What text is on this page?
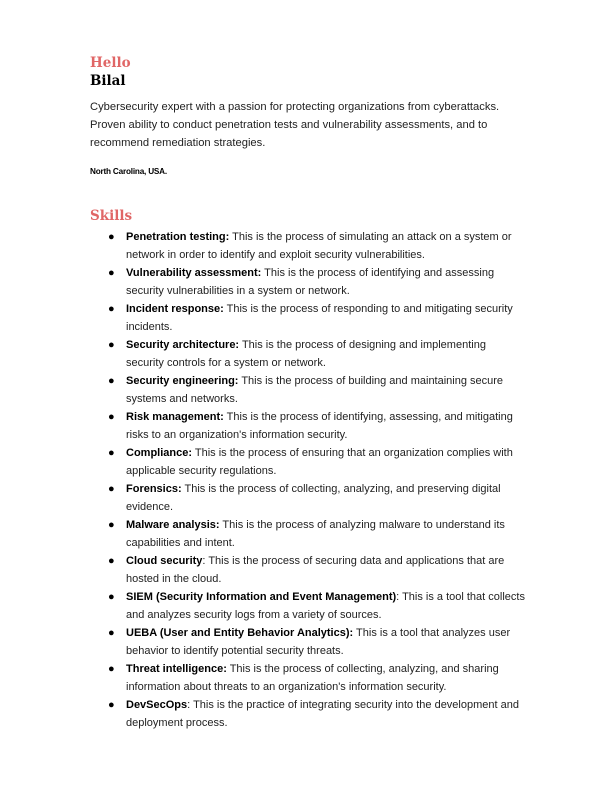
Hello
Bilal

Cybersecurity expert with a passion for protecting organizations from cyberattacks. Proven ability to conduct penetration tests and vulnerability assessments, and to recommend remediation strategies.

North Carolina, USA.

Skills
● Penetration testing: This is the process of simulating an attack on a system or network in order to identify and exploit security vulnerabilities.
● Vulnerability assessment: This is the process of identifying and assessing security vulnerabilities in a system or network.
● Incident response: This is the process of responding to and mitigating security incidents.
● Security architecture: This is the process of designing and implementing security controls for a system or network.
● Security engineering: This is the process of building and maintaining secure systems and networks.
● Risk management: This is the process of identifying, assessing, and mitigating risks to an organization's information security.
● Compliance: This is the process of ensuring that an organization complies with applicable security regulations.
● Forensics: This is the process of collecting, analyzing, and preserving digital evidence.
● Malware analysis: This is the process of analyzing malware to understand its capabilities and intent.
● Cloud security: This is the process of securing data and applications that are hosted in the cloud.
● SIEM (Security Information and Event Management): This is a tool that collects and analyzes security logs from a variety of sources.
● UEBA (User and Entity Behavior Analytics): This is a tool that analyzes user behavior to identify potential security threats.
● Threat intelligence: This is the process of collecting, analyzing, and sharing information about threats to an organization's information security.
● DevSecOps: This is the practice of integrating security into the development and deployment process.
